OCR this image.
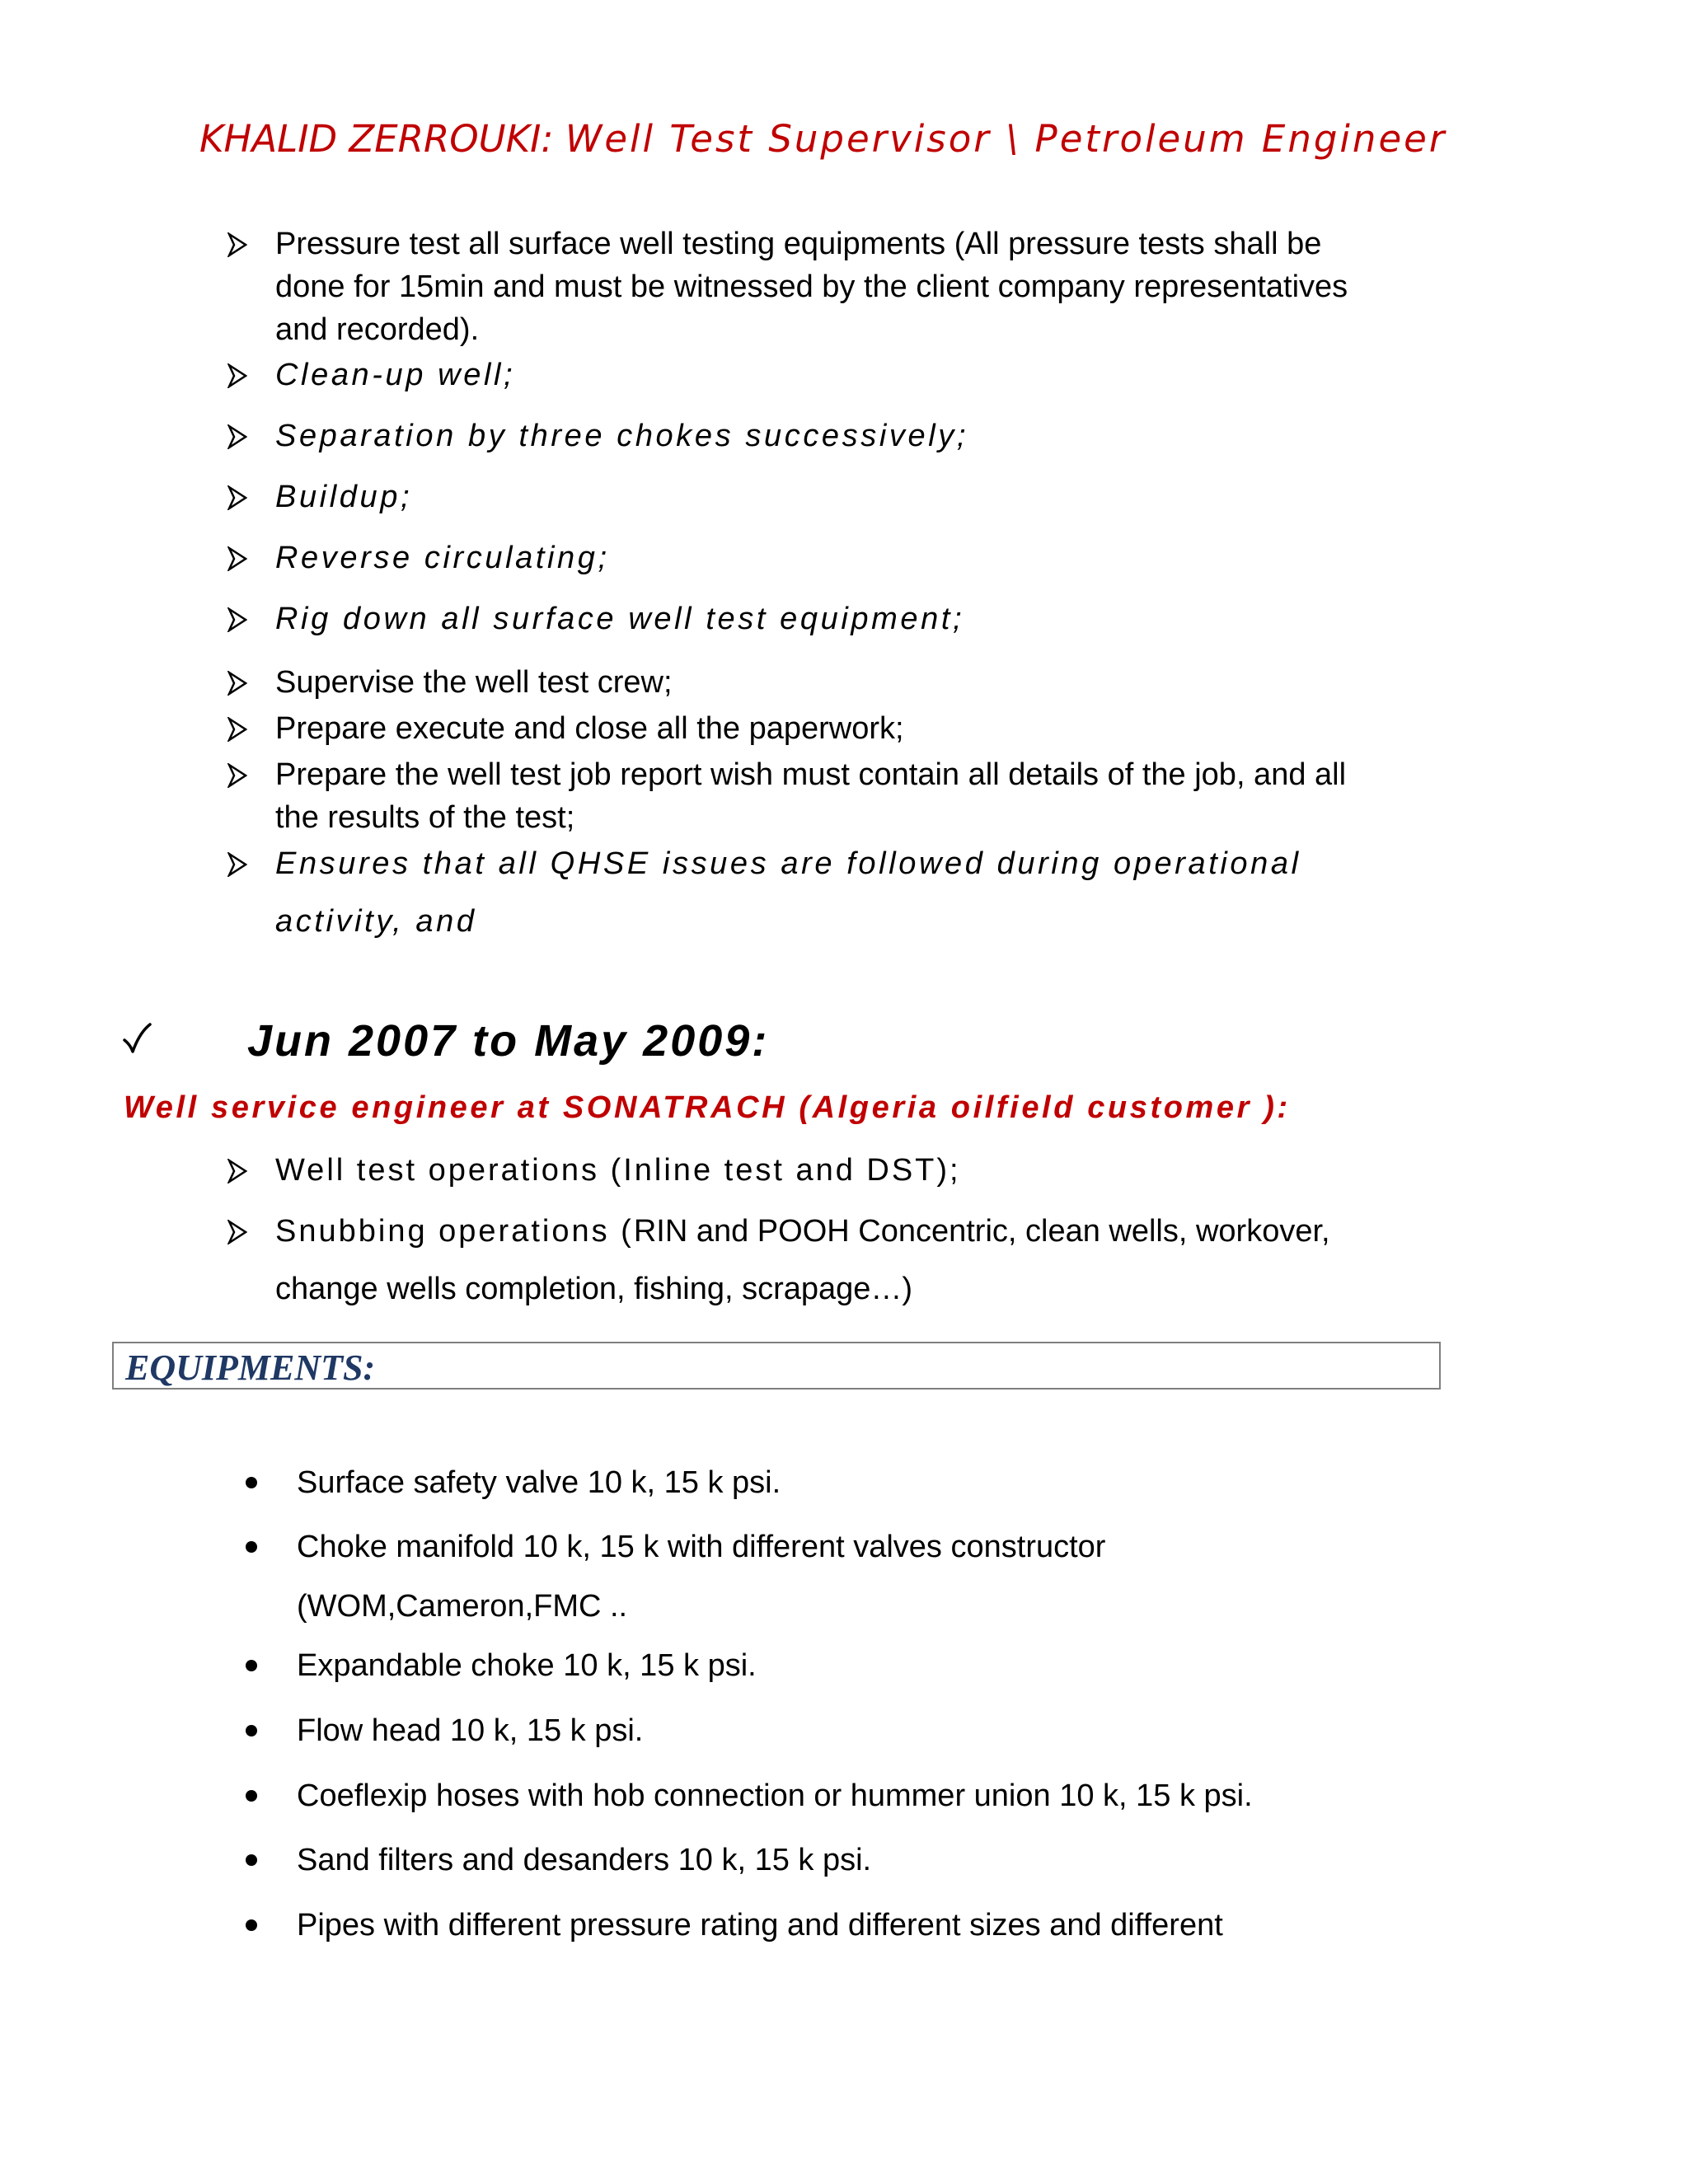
KHALID ZERROUKI: Well Test Supervisor \ Petroleum Engineer
Pressure test all surface well testing equipments (All pressure tests shall be
done for 15min and must be witnessed by the client company representatives
and recorded).
Clean-up well;
Separation by three chokes successively;
Buildup;
Reverse circulating;
Rig down all surface well test equipment;
Supervise the well test crew;
Prepare execute and close all the paperwork;
Prepare the well test job report wish must contain all details of the job, and all
the results of the test;
Ensures that all QHSE issues are followed during operational
activity, and
Jun 2007 to May 2009:
Well service engineer at SONATRACH (Algeria oilfield customer ):
Well test operations (Inline test and DST);
Snubbing operations (RIN and POOH Concentric, clean wells, workover,
change wells completion, fishing, scrapage…)
EQUIPMENTS:
Surface safety valve 10 k, 15 k psi.
Choke manifold 10 k, 15 k with different valves constructor
(WOM,Cameron,FMC ..
Expandable choke 10 k, 15 k psi.
Flow head 10 k, 15 k psi.
Coeflexip hoses with hob connection or hummer union 10 k, 15 k psi.
Sand filters and desanders 10 k, 15 k psi.
Pipes with different pressure rating and different sizes and different
